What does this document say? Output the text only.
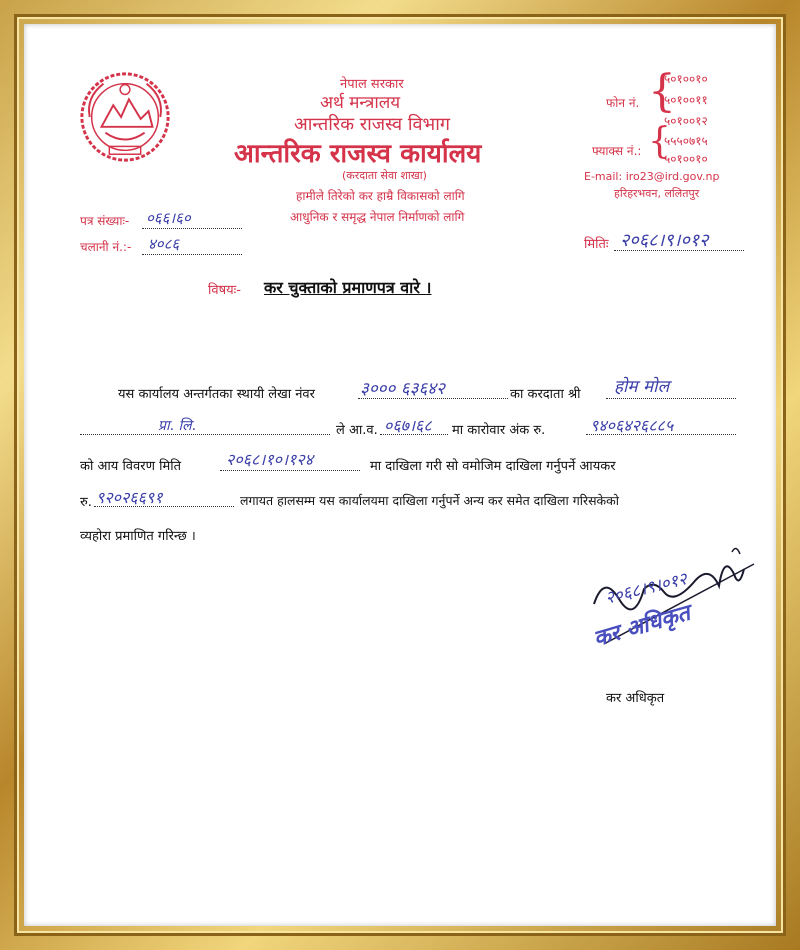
नेपाल सरकार
अर्थ मन्त्रालय
आन्तरिक राजस्व विभाग
आन्तरिक राजस्व कार्यालय
(करदाता सेवा शाखा)
हामीले तिरेको कर हाम्रै विकासको लागि
आधुनिक र समृद्ध नेपाल निर्माणको लागि
फोन नं. {
५०१००१०
५०१००११
५०१००१२
फ्याक्स नं.: {
५५५०७१५
५०१००१०
E-mail: iro23@ird.gov.np
हरिहरभवन, ललितपुर
पत्र संख्याः- ०६६।६०
चलानी नं.:- ४०८६	मितिः २०६८।९।०१२
विषयः- कर चुक्ताको प्रमाणपत्र वारे ।
यस कार्यालय अन्तर्गतका स्थायी लेखा नंवर	३००० ६३६४२	का करदाता श्री होम मोल
प्रा. लि.	ले आ.व. ०६७।६८ मा कारोवार अंक रु.	९४०६४२६८८५
को आय विवरण मिति	२०६८।१०।१२४	मा दाखिला गरी सो वमोजिम दाखिला गर्नुपर्ने आयकर
रु. ९२०२६६९१	लगायत हालसम्म यस कार्यालयमा दाखिला गर्नुपर्ने अन्य कर समेत दाखिला गरिसकेको
व्यहोरा प्रमाणित गरिन्छ ।
२०६८।९।०१२
कर अधिकृत
कर अधिकृत
